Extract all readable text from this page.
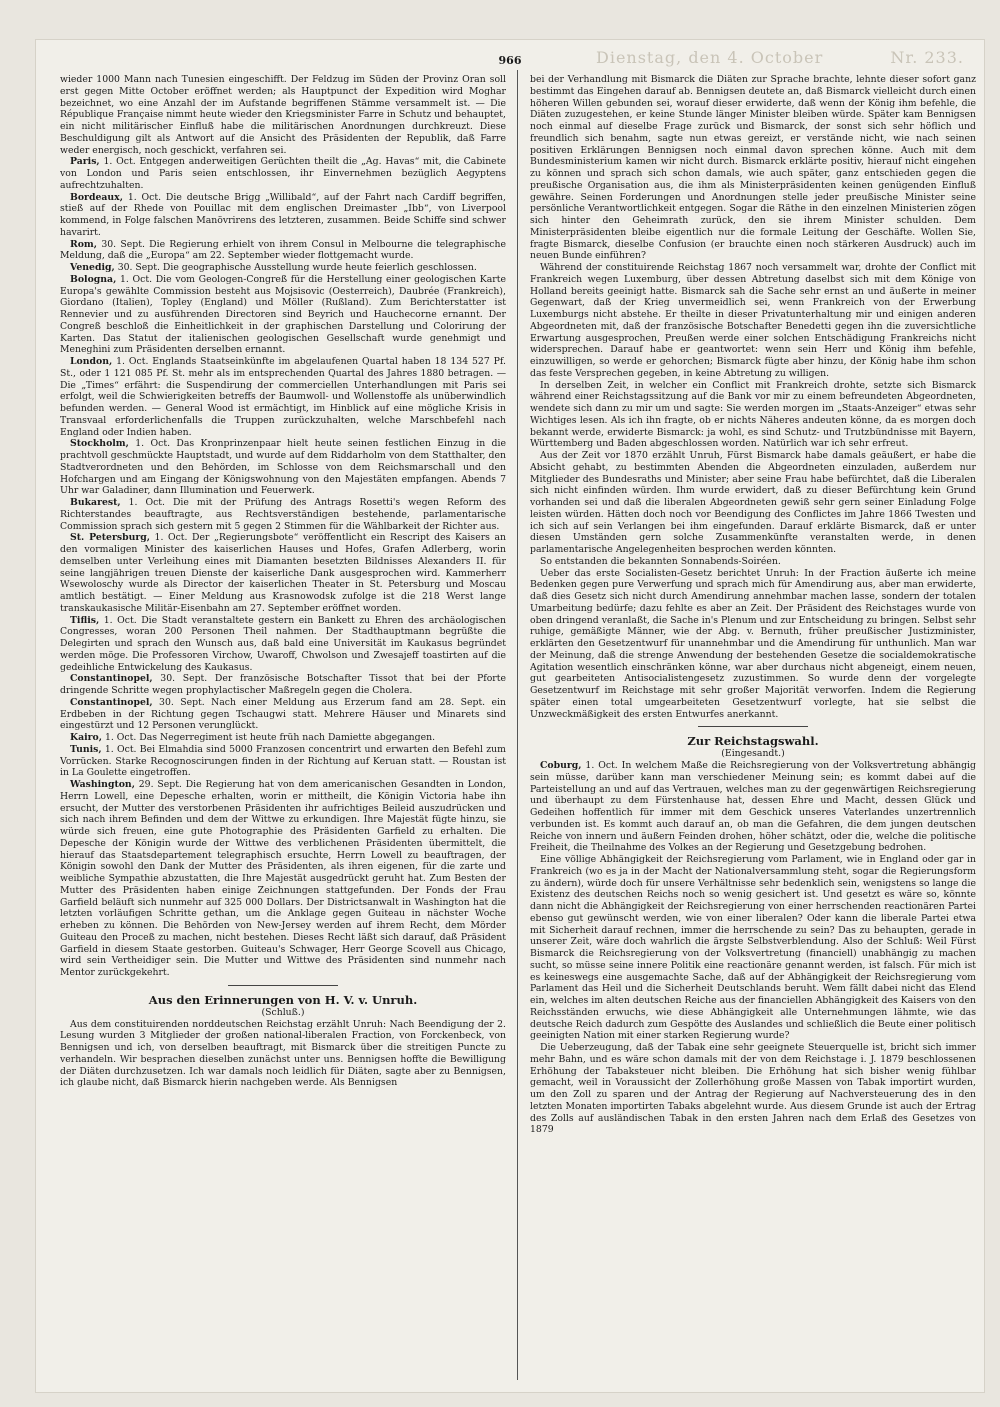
Dienstag, den 4. October	Nr. 233.
966

wieder 1000 Mann nach Tunesien eingeschifft. Der Feldzug im Süden der Provinz Oran soll erst gegen Mitte October eröffnet werden; als Hauptpunct der Expedition wird Moghar bezeichnet, wo eine Anzahl der im Aufstande begriffenen Stämme versammelt ist. — Die République Française nimmt heute wieder den Kriegsminister Farre in Schutz und behauptet, ein nicht militärischer Einfluß habe die militärischen Anordnungen durchkreuzt. Diese Beschuldigung gilt als Antwort auf die Ansicht des Präsidenten der Republik, daß Farre weder energisch, noch geschickt, verfahren sei.

Paris, 1. Oct. Entgegen anderweitigen Gerüchten theilt die „Ag. Havas“ mit, die Cabinete von London und Paris seien entschlossen, ihr Einvernehmen bezüglich Aegyptens aufrechtzuhalten.

Bordeaux, 1. Oct. Die deutsche Brigg „Willibald“, auf der Fahrt nach Cardiff begriffen, stieß auf der Rhede von Pouillac mit dem englischen Dreimaster „Ibb“, von Liverpool kommend, in Folge falschen Manövrirens des letzteren, zusammen. Beide Schiffe sind schwer havarirt.

Rom, 30. Sept. Die Regierung erhielt von ihrem Consul in Melbourne die telegraphische Meldung, daß die „Europa“ am 22. September wieder flottgemacht wurde.

Venedig, 30. Sept. Die geographische Ausstellung wurde heute feierlich geschlossen.

Bologna, 1. Oct. Die vom Geologen-Congreß für die Herstellung einer geologischen Karte Europa's gewählte Commission besteht aus Mojsisovic (Oesterreich), Daubrée (Frankreich), Giordano (Italien), Topley (England) und Möller (Rußland). Zum Berichterstatter ist Rennevier und zu ausführenden Directoren sind Beyrich und Hauchecorne ernannt. Der Congreß beschloß die Einheitlichkeit in der graphischen Darstellung und Colorirung der Karten. Das Statut der italienischen geologischen Gesellschaft wurde genehmigt und Meneghini zum Präsidenten derselben ernannt.

London, 1. Oct. Englands Staatseinkünfte im abgelaufenen Quartal haben 18 134 527 Pf. St., oder 1 121 085 Pf. St. mehr als im entsprechenden Quartal des Jahres 1880 betragen. — Die „Times“ erfährt: die Suspendirung der commerciellen Unterhandlungen mit Paris sei erfolgt, weil die Schwierigkeiten betreffs der Baumwoll- und Wollenstoffe als unüberwindlich befunden werden. — General Wood ist ermächtigt, im Hinblick auf eine mögliche Krisis in Transvaal erforderlichenfalls die Truppen zurückzuhalten, welche Marschbefehl nach England oder Indien haben.

Stockholm, 1. Oct. Das Kronprinzenpaar hielt heute seinen festlichen Einzug in die prachtvoll geschmückte Hauptstadt, und wurde auf dem Riddarholm von dem Statthalter, den Stadtverordneten und den Behörden, im Schlosse von dem Reichsmarschall und den Hofchargen und am Eingang der Königswohnung von den Majestäten empfangen. Abends 7 Uhr war Galadiner, dann Illumination und Feuerwerk.

Bukarest, 1. Oct. Die mit der Prüfung des Antrags Rosetti's wegen Reform des Richterstandes beauftragte, aus Rechtsverständigen bestehende, parlamentarische Commission sprach sich gestern mit 5 gegen 2 Stimmen für die Wählbarkeit der Richter aus.

St. Petersburg, 1. Oct. Der „Regierungsbote“ veröffentlicht ein Rescript des Kaisers an den vormaligen Minister des kaiserlichen Hauses und Hofes, Grafen Adlerberg, worin demselben unter Verleihung eines mit Diamanten besetzten Bildnisses Alexanders II. für seine langjährigen treuen Dienste der kaiserliche Dank ausgesprochen wird. Kammerherr Wsewoloschy wurde als Director der kaiserlichen Theater in St. Petersburg und Moscau amtlich bestätigt. — Einer Meldung aus Krasnowodsk zufolge ist die 218 Werst lange transkaukasische Militär-Eisenbahn am 27. September eröffnet worden.

Tiflis, 1. Oct. Die Stadt veranstaltete gestern ein Bankett zu Ehren des archäologischen Congresses, woran 200 Personen Theil nahmen. Der Stadthauptmann begrüßte die Delegirten und sprach den Wunsch aus, daß bald eine Universität im Kaukasus begründet werden möge. Die Professoren Virchow, Uwaroff, Chwolson und Zwesajeff toastirten auf die gedeihliche Entwickelung des Kaukasus.

Constantinopel, 30. Sept. Der französische Botschafter Tissot that bei der Pforte dringende Schritte wegen prophylactischer Maßregeln gegen die Cholera.

Constantinopel, 30. Sept. Nach einer Meldung aus Erzerum fand am 28. Sept. ein Erdbeben in der Richtung gegen Tschaugwi statt. Mehrere Häuser und Minarets sind eingestürzt und 12 Personen verunglückt.

Kairo, 1. Oct. Das Negerregiment ist heute früh nach Damiette abgegangen.

Tunis, 1. Oct. Bei Elmahdia sind 5000 Franzosen concentrirt und erwarten den Befehl zum Vorrücken. Starke Recognoscirungen finden in der Richtung auf Keruan statt. — Roustan ist in La Goulette eingetroffen.

Washington, 29. Sept. Die Regierung hat von dem americanischen Gesandten in London, Herrn Lowell, eine Depesche erhalten, worin er mittheilt, die Königin Victoria habe ihn ersucht, der Mutter des verstorbenen Präsidenten ihr aufrichtiges Beileid auszudrücken und sich nach ihrem Befinden und dem der Wittwe zu erkundigen. Ihre Majestät fügte hinzu, sie würde sich freuen, eine gute Photographie des Präsidenten Garfield zu erhalten. Die Depesche der Königin wurde der Wittwe des verblichenen Präsidenten übermittelt, die hierauf das Staatsdepartement telegraphisch ersuchte, Herrn Lowell zu beauftragen, der Königin sowohl den Dank der Mutter des Präsidenten, als ihren eigenen, für die zarte und weibliche Sympathie abzustatten, die Ihre Majestät ausgedrückt geruht hat. Zum Besten der Mutter des Präsidenten haben einige Zeichnungen stattgefunden. Der Fonds der Frau Garfield beläuft sich nunmehr auf 325 000 Dollars. Der Districtsanwalt in Washington hat die letzten vorläufigen Schritte gethan, um die Anklage gegen Guiteau in nächster Woche erheben zu können. Die Behörden von New-Jersey werden auf ihrem Recht, dem Mörder Guiteau den Proceß zu machen, nicht bestehen. Dieses Recht läßt sich darauf, daß Präsident Garfield in diesem Staate gestorben. Guiteau's Schwager, Herr George Scovell aus Chicago, wird sein Vertheidiger sein. Die Mutter und Wittwe des Präsidenten sind nunmehr nach Mentor zurückgekehrt.

Aus den Erinnerungen von H. V. v. Unruh.
(Schluß.)

Aus dem constituirenden norddeutschen Reichstag erzählt Unruh: Nach Beendigung der 2. Lesung wurden 3 Mitglieder der großen national-liberalen Fraction, von Forckenbeck, von Bennigsen und ich, von derselben beauftragt, mit Bismarck über die streitigen Puncte zu verhandeln. Wir besprachen dieselben zunächst unter uns. Bennigsen hoffte die Bewilligung der Diäten durchzusetzen. Ich war damals noch leidlich für Diäten, sagte aber zu Bennigsen, ich glaube nicht, daß Bismarck hierin nachgeben werde. Als Bennigsen

bei der Verhandlung mit Bismarck die Diäten zur Sprache brachte, lehnte dieser sofort ganz bestimmt das Eingehen darauf ab. Bennigsen deutete an, daß Bismarck vielleicht durch einen höheren Willen gebunden sei, worauf dieser erwiderte, daß wenn der König ihm befehle, die Diäten zuzugestehen, er keine Stunde länger Minister bleiben würde. Später kam Bennigsen noch einmal auf dieselbe Frage zurück und Bismarck, der sonst sich sehr höflich und freundlich sich benahm, sagte nun etwas gereizt, er verstände nicht, wie nach seinen positiven Erklärungen Bennigsen noch einmal davon sprechen könne. Auch mit dem Bundesministerium kamen wir nicht durch. Bismarck erklärte positiv, hierauf nicht eingehen zu können und sprach sich schon damals, wie auch später, ganz entschieden gegen die preußische Organisation aus, die ihm als Ministerpräsidenten keinen genügenden Einfluß gewähre. Seinen Forderungen und Anordnungen stelle jeder preußische Minister seine persönliche Verantwortlichkeit entgegen. Sogar die Räthe in den einzelnen Ministerien zögen sich hinter den Geheimrath zurück, den sie ihrem Minister schulden. Dem Ministerpräsidenten bleibe eigentlich nur die formale Leitung der Geschäfte. Wollen Sie, fragte Bismarck, dieselbe Confusion (er brauchte einen noch stärkeren Ausdruck) auch im neuen Bunde einführen?

Während der constituirende Reichstag 1867 noch versammelt war, drohte der Conflict mit Frankreich wegen Luxemburg, über dessen Abtretung daselbst sich mit dem Könige von Holland bereits geeinigt hatte. Bismarck sah die Sache sehr ernst an und äußerte in meiner Gegenwart, daß der Krieg unvermeidlich sei, wenn Frankreich von der Erwerbung Luxemburgs nicht abstehe. Er theilte in dieser Privatunterhaltung mir und einigen anderen Abgeordneten mit, daß der französische Botschafter Benedetti gegen ihn die zuversichtliche Erwartung ausgesprochen, Preußen werde einer solchen Entschädigung Frankreichs nicht widersprechen. Darauf habe er geantwortet: wenn sein Herr und König ihm befehle, einzuwilligen, so werde er gehorchen; Bismarck fügte aber hinzu, der König habe ihm schon das feste Versprechen gegeben, in keine Abtretung zu willigen.

In derselben Zeit, in welcher ein Conflict mit Frankreich drohte, setzte sich Bismarck während einer Reichstagssitzung auf die Bank vor mir zu einem befreundeten Abgeordneten, wendete sich dann zu mir um und sagte: Sie werden morgen im „Staats-Anzeiger“ etwas sehr Wichtiges lesen. Als ich ihn fragte, ob er nichts Näheres andeuten könne, da es morgen doch bekannt werde, erwiderte Bismarck: ja wohl, es sind Schutz- und Trutzbündnisse mit Bayern, Württemberg und Baden abgeschlossen worden. Natürlich war ich sehr erfreut.

Aus der Zeit vor 1870 erzählt Unruh, Fürst Bismarck habe damals geäußert, er habe die Absicht gehabt, zu bestimmten Abenden die Abgeordneten einzuladen, außerdem nur Mitglieder des Bundesraths und Minister; aber seine Frau habe befürchtet, daß die Liberalen sich nicht einfinden würden. Ihm wurde erwidert, daß zu dieser Befürchtung kein Grund vorhanden sei und daß die liberalen Abgeordneten gewiß sehr gern seiner Einladung Folge leisten würden. Hätten doch noch vor Beendigung des Conflictes im Jahre 1866 Twesten und ich sich auf sein Verlangen bei ihm eingefunden. Darauf erklärte Bismarck, daß er unter diesen Umständen gern solche Zusammenkünfte veranstalten werde, in denen parlamentarische Angelegenheiten besprochen werden könnten.

So entstanden die bekannten Sonnabends-Soiréen.

Ueber das erste Socialisten-Gesetz berichtet Unruh: In der Fraction äußerte ich meine Bedenken gegen pure Verwerfung und sprach mich für Amendirung aus, aber man erwiderte, daß dies Gesetz sich nicht durch Amendirung annehmbar machen lasse, sondern der totalen Umarbeitung bedürfe; dazu fehlte es aber an Zeit. Der Präsident des Reichstages wurde von oben dringend veranlaßt, die Sache in's Plenum und zur Entscheidung zu bringen. Selbst sehr ruhige, gemäßigte Männer, wie der Abg. v. Bernuth, früher preußischer Justizminister, erklärten den Gesetzentwurf für unannehmbar und die Amendirung für unthunlich. Man war der Meinung, daß die strenge Anwendung der bestehenden Gesetze die socialdemokratische Agitation wesentlich einschränken könne, war aber durchaus nicht abgeneigt, einem neuen, gut gearbeiteten Antisocialistengesetz zuzustimmen. So wurde denn der vorgelegte Gesetzentwurf im Reichstage mit sehr großer Majorität verworfen. Indem die Regierung später einen total umgearbeiteten Gesetzentwurf vorlegte, hat sie selbst die Unzweckmäßigkeit des ersten Entwurfes anerkannt.

Zur Reichstagswahl.
(Eingesandt.)

Coburg, 1. Oct. In welchem Maße die Reichsregierung von der Volksvertretung abhängig sein müsse, darüber kann man verschiedener Meinung sein; es kommt dabei auf die Parteistellung an und auf das Vertrauen, welches man zu der gegenwärtigen Reichsregierung und überhaupt zu dem Fürstenhause hat, dessen Ehre und Macht, dessen Glück und Gedeihen hoffentlich für immer mit dem Geschick unseres Vaterlandes unzertrennlich verbunden ist. Es kommt auch darauf an, ob man die Gefahren, die dem jungen deutschen Reiche von innern und äußern Feinden drohen, höher schätzt, oder die, welche die politische Freiheit, die Theilnahme des Volkes an der Regierung und Gesetzgebung bedrohen.

Eine völlige Abhängigkeit der Reichsregierung vom Parlament, wie in England oder gar in Frankreich (wo es ja in der Macht der Nationalversammlung steht, sogar die Regierungsform zu ändern), würde doch für unsere Verhältnisse sehr bedenklich sein, wenigstens so lange die Existenz des deutschen Reichs noch so wenig gesichert ist. Und gesetzt es wäre so, könnte dann nicht die Abhängigkeit der Reichsregierung von einer herrschenden reactionären Partei ebenso gut gewünscht werden, wie von einer liberalen? Oder kann die liberale Partei etwa mit Sicherheit darauf rechnen, immer die herrschende zu sein? Das zu behaupten, gerade in unserer Zeit, wäre doch wahrlich die ärgste Selbstverblendung. Also der Schluß: Weil Fürst Bismarck die Reichsregierung von der Volksvertretung (financiell) unabhängig zu machen sucht, so müsse seine innere Politik eine reactionäre genannt werden, ist falsch. Für mich ist es keineswegs eine ausgemachte Sache, daß auf der Abhängigkeit der Reichsregierung vom Parlament das Heil und die Sicherheit Deutschlands beruht. Wem fällt dabei nicht das Elend ein, welches im alten deutschen Reiche aus der financiellen Abhängigkeit des Kaisers von den Reichsständen erwuchs, wie diese Abhängigkeit alle Unternehmungen lähmte, wie das deutsche Reich dadurch zum Gespötte des Auslandes und schließlich die Beute einer politisch geeinigten Nation mit einer starken Regierung wurde?

Die Ueberzeugung, daß der Tabak eine sehr geeignete Steuerquelle ist, bricht sich immer mehr Bahn, und es wäre schon damals mit der von dem Reichstage i. J. 1879 beschlossenen Erhöhung der Tabaksteuer nicht bleiben. Die Erhöhung hat sich bisher wenig fühlbar gemacht, weil in Voraussicht der Zollerhöhung große Massen von Tabak importirt wurden, um den Zoll zu sparen und der Antrag der Regierung auf Nachversteuerung des in den letzten Monaten importirten Tabaks abgelehnt wurde. Aus diesem Grunde ist auch der Ertrag des Zolls auf ausländischen Tabak in den ersten Jahren nach dem Erlaß des Gesetzes von 1879
